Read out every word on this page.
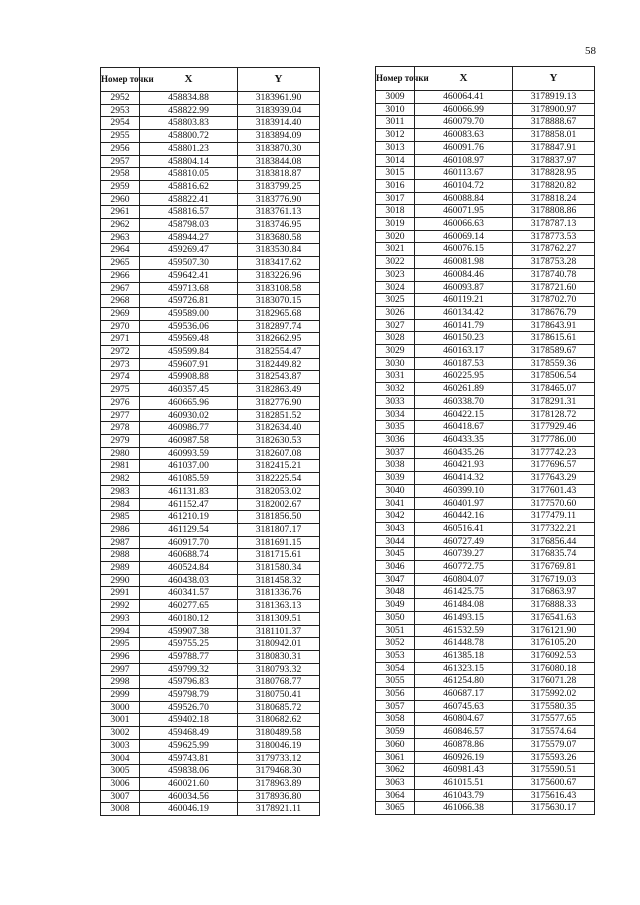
58
Номер точки	X	Y
2952	458834.88	3183961.90
2953	458822.99	3183939.04
2954	458803.83	3183914.40
2955	458800.72	3183894.09
2956	458801.23	3183870.30
2957	458804.14	3183844.08
2958	458810.05	3183818.87
2959	458816.62	3183799.25
2960	458822.41	3183776.90
2961	458816.57	3183761.13
2962	458798.03	3183746.95
2963	458944.27	3183680.58
2964	459269.47	3183530.84
2965	459507.30	3183417.62
2966	459642.41	3183226.96
2967	459713.68	3183108.58
2968	459726.81	3183070.15
2969	459589.00	3182965.68
2970	459536.06	3182897.74
2971	459569.48	3182662.95
2972	459599.84	3182554.47
2973	459607.91	3182449.82
2974	459908.88	3182543.87
2975	460357.45	3182863.49
2976	460665.96	3182776.90
2977	460930.02	3182851.52
2978	460986.77	3182634.40
2979	460987.58	3182630.53
2980	460993.59	3182607.08
2981	461037.00	3182415.21
2982	461085.59	3182225.54
2983	461131.83	3182053.02
2984	461152.47	3182002.67
2985	461210.19	3181856.50
2986	461129.54	3181807.17
2987	460917.70	3181691.15
2988	460688.74	3181715.61
2989	460524.84	3181580.34
2990	460438.03	3181458.32
2991	460341.57	3181336.76
2992	460277.65	3181363.13
2993	460180.12	3181309.51
2994	459907.38	3181101.37
2995	459755.25	3180942.01
2996	459788.77	3180830.31
2997	459799.32	3180793.32
2998	459796.83	3180768.77
2999	459798.79	3180750.41
3000	459526.70	3180685.72
3001	459402.18	3180682.62
3002	459468.49	3180489.58
3003	459625.99	3180046.19
3004	459743.81	3179733.12
3005	459838.06	3179468.30
3006	460021.60	3178963.89
3007	460034.56	3178936.80
3008	460046.19	3178921.11
Номер точки	X	Y
3009	460064.41	3178919.13
3010	460066.99	3178900.97
3011	460079.70	3178888.67
3012	460083.63	3178858.01
3013	460091.76	3178847.91
3014	460108.97	3178837.97
3015	460113.67	3178828.95
3016	460104.72	3178820.82
3017	460088.84	3178818.24
3018	460071.95	3178808.86
3019	460066.63	3178787.13
3020	460069.14	3178773.53
3021	460076.15	3178762.27
3022	460081.98	3178753.28
3023	460084.46	3178740.78
3024	460093.87	3178721.60
3025	460119.21	3178702.70
3026	460134.42	3178676.79
3027	460141.79	3178643.91
3028	460150.23	3178615.61
3029	460163.17	3178589.67
3030	460187.53	3178559.36
3031	460225.95	3178506.54
3032	460261.89	3178465.07
3033	460338.70	3178291.31
3034	460422.15	3178128.72
3035	460418.67	3177929.46
3036	460433.35	3177786.00
3037	460435.26	3177742.23
3038	460421.93	3177696.57
3039	460414.32	3177643.29
3040	460399.10	3177601.43
3041	460401.97	3177570.60
3042	460442.16	3177479.11
3043	460516.41	3177322.21
3044	460727.49	3176856.44
3045	460739.27	3176835.74
3046	460772.75	3176769.81
3047	460804.07	3176719.03
3048	461425.75	3176863.97
3049	461484.08	3176888.33
3050	461493.15	3176541.63
3051	461532.59	3176121.90
3052	461448.78	3176105.20
3053	461385.18	3176092.53
3054	461323.15	3176080.18
3055	461254.80	3176071.28
3056	460687.17	3175992.02
3057	460745.63	3175580.35
3058	460804.67	3175577.65
3059	460846.57	3175574.64
3060	460878.86	3175579.07
3061	460926.19	3175593.26
3062	460981.43	3175590.51
3063	461015.51	3175600.67
3064	461043.79	3175616.43
3065	461066.38	3175630.17
